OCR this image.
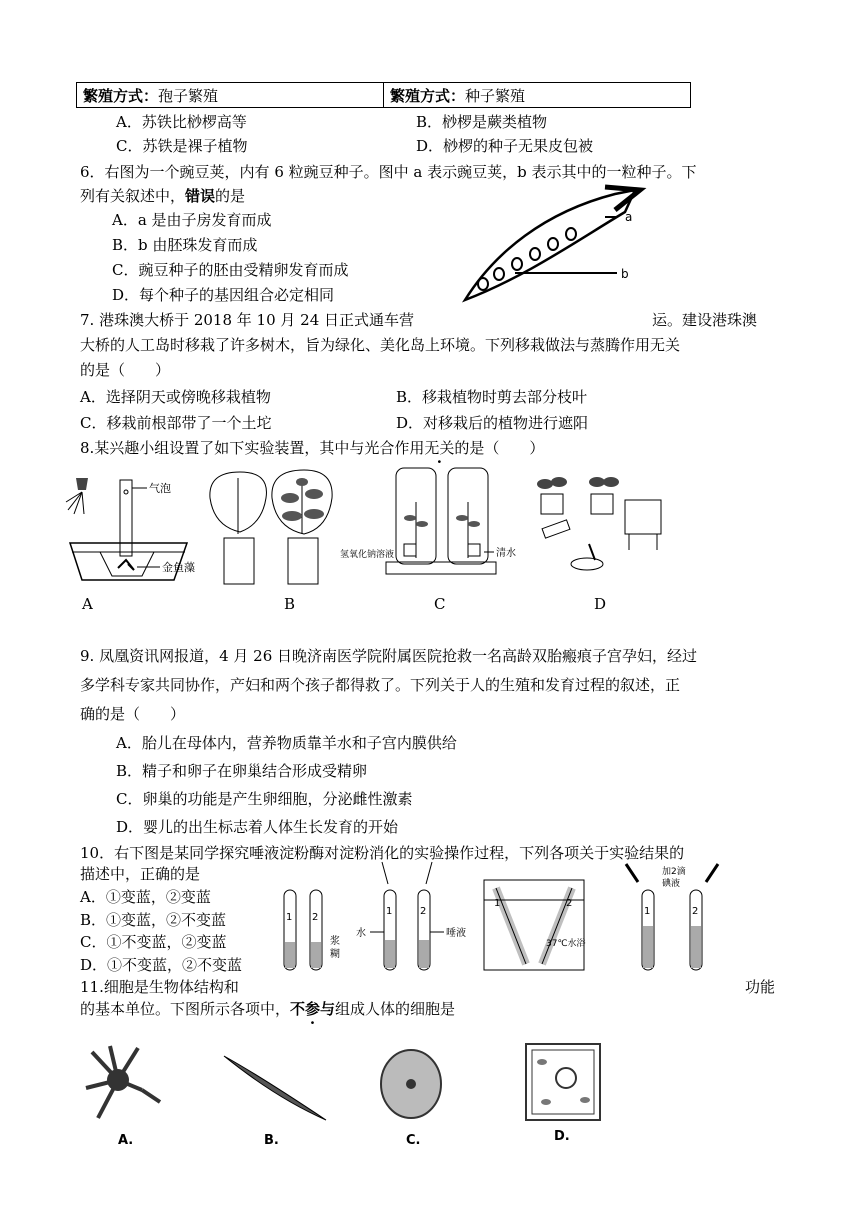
繁殖方式：孢子繁殖	繁殖方式：种子繁殖
A．苏铁比桫椤高等	B．桫椤是蕨类植物
C．苏铁是裸子植物	D．桫椤的种子无果皮包被
6．右图为一个豌豆荚，内有 6 粒豌豆种子。图中 a 表示豌豆荚，b 表示其中的一粒种子。下
列有关叙述中，错误的是
A．a 是由子房发育而成
B．b 由胚珠发育而成
C．豌豆种子的胚由受精卵发育而成
D．每个种子的基因组合必定相同
a
b
7. 港珠澳大桥于 2018 年 10 月 24 日正式通车营	运。建设港珠澳
大桥的人工岛时移栽了许多树木，旨为绿化、美化岛上环境。下列移栽做法与蒸腾作用无关
的是（　　）
A．选择阴天或傍晚移栽植物	B．移栽植物时剪去部分枝叶
C．移栽前根部带了一个土坨	D．对移栽后的植物进行遮阳
8.某兴趣小组设置了如下实验装置，其中与光合作用无关的是（　　）
气泡
金鱼藻
氢氧化钠溶液	清水
A	B	C	D
9. 凤凰资讯网报道，4 月 26 日晚济南医学院附属医院抢救一名高龄双胎瘢痕子宫孕妇，经过
多学科专家共同协作，产妇和两个孩子都得救了。下列关于人的生殖和发育过程的叙述，正
确的是（　　）
A．胎儿在母体内，营养物质靠羊水和子宫内膜供给
B．精子和卵子在卵巢结合形成受精卵
C．卵巢的功能是产生卵细胞，分泌雌性激素
D．婴儿的出生标志着人体生长发育的开始
10．右下图是某同学探究唾液淀粉酶对淀粉消化的实验操作过程，下列各项关于实验结果的
描述中，正确的是
A．①变蓝，②变蓝
B．①变蓝，②不变蓝
C．①不变蓝，②变蓝
D．①不变蓝，②不变蓝
1 2
浆
糊
1	2
水	唾液
1	2
37℃水浴
1	2
加2滴
碘液
11.细胞是生物体结构和	功能
的基本单位。下图所示各项中，不参与组成人体的细胞是
A.	B.	C.	D.
